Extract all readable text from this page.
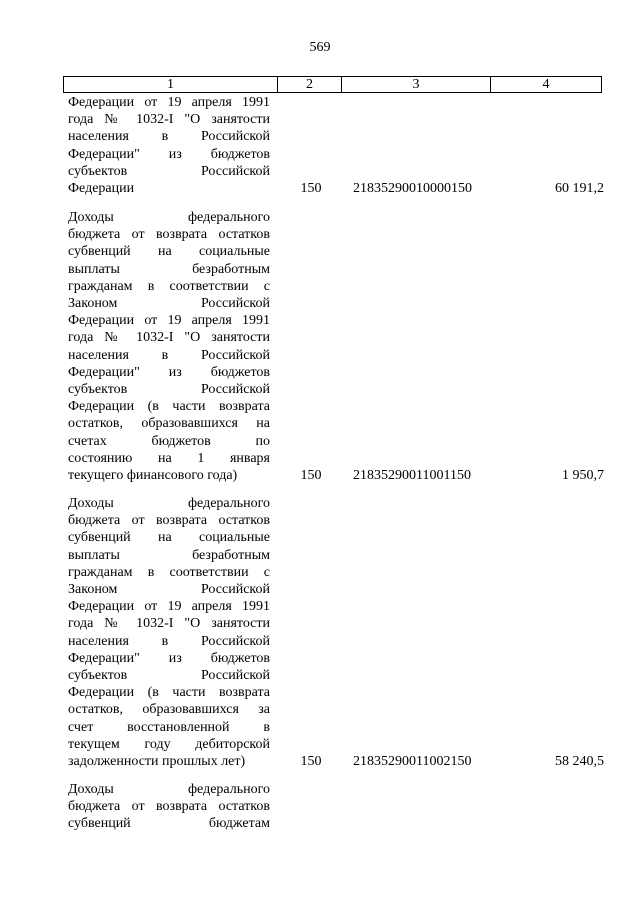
569
1	2	3	4
Федерации от 19 апреля 1991
года № 1032-I "О занятости
населения в Российской
Федерации" из бюджетов
субъектов Российской
Федерации	150 21835290010000150	60 191,2
Доходы федерального
бюджета от возврата остатков
субвенций на социальные
выплаты безработным
гражданам в соответствии с
Законом Российской
Федерации от 19 апреля 1991
года № 1032-I "О занятости
населения в Российской
Федерации" из бюджетов
субъектов Российской
Федерации (в части возврата
остатков, образовавшихся на
счетах бюджетов по
состоянию на 1 января
текущего финансового года)	150 21835290011001150	1 950,7
Доходы федерального
бюджета от возврата остатков
субвенций на социальные
выплаты безработным
гражданам в соответствии с
Законом Российской
Федерации от 19 апреля 1991
года № 1032-I "О занятости
населения в Российской
Федерации" из бюджетов
субъектов Российской
Федерации (в части возврата
остатков, образовавшихся за
счет восстановленной в
текущем году дебиторской
задолженности прошлых лет)	150 21835290011002150	58 240,5
Доходы федерального
бюджета от возврата остатков
субвенций бюджетам
